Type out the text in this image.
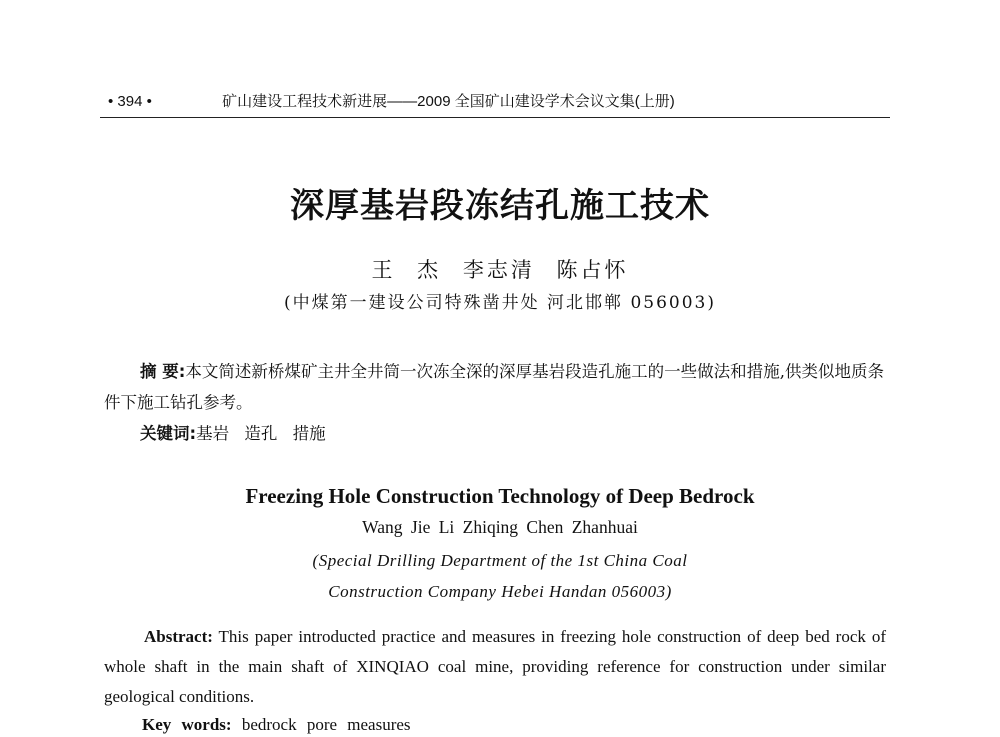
• 394 •	矿山建设工程技术新进展——2009 全国矿山建设学术会议文集(上册)
深厚基岩段冻结孔施工技术
王 杰 李志清 陈占怀
(中煤第一建设公司特殊凿井处 河北邯郸 056003)
摘 要:本文简述新桥煤矿主井全井筒一次冻全深的深厚基岩段造孔施工的一些做法和措施,供类似地质条件下施工钻孔参考。
关键词:基岩 造孔 措施
Freezing Hole Construction Technology of Deep Bedrock
Wang Jie Li Zhiqing Chen Zhanhuai
(Special Drilling Department of the 1st China Coal
Construction Company Hebei Handan 056003)
Abstract: This paper introducted practice and measures in freezing hole construction of deep bed rock of whole shaft in the main shaft of XINQIAO coal mine, providing reference for construction under similar geological conditions.
Key words: bedrock pore measures
